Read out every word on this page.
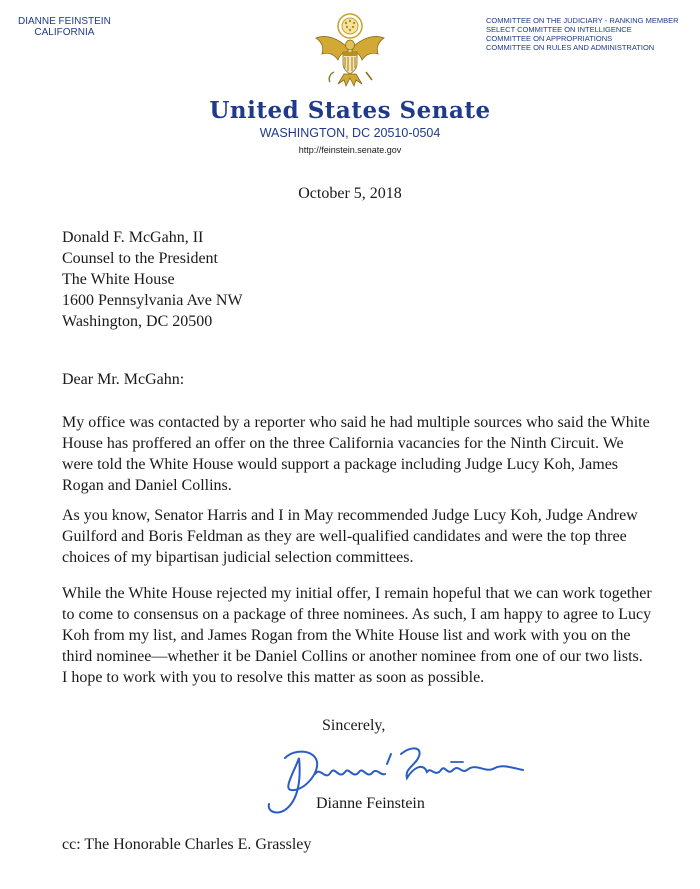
DIANNE FEINSTEIN
CALIFORNIA
COMMITTEE ON THE JUDICIARY - RANKING MEMBER
SELECT COMMITTEE ON INTELLIGENCE
COMMITTEE ON APPROPRIATIONS
COMMITTEE ON RULES AND ADMINISTRATION
United States Senate
WASHINGTON, DC 20510-0504
http://feinstein.senate.gov
October 5, 2018
Donald F. McGahn, II
Counsel to the President
The White House
1600 Pennsylvania Ave NW
Washington, DC 20500
Dear Mr. McGahn:
My office was contacted by a reporter who said he had multiple sources who said the White House has proffered an offer on the three California vacancies for the Ninth Circuit. We were told the White House would support a package including Judge Lucy Koh, James Rogan and Daniel Collins.
As you know, Senator Harris and I in May recommended Judge Lucy Koh, Judge Andrew Guilford and Boris Feldman as they are well-qualified candidates and were the top three choices of my bipartisan judicial selection committees.
While the White House rejected my initial offer, I remain hopeful that we can work together to come to consensus on a package of three nominees. As such, I am happy to agree to Lucy Koh from my list, and James Rogan from the White House list and work with you on the third nominee—whether it be Daniel Collins or another nominee from one of our two lists. I hope to work with you to resolve this matter as soon as possible.
Sincerely,
Dianne Feinstein
cc: The Honorable Charles E. Grassley
